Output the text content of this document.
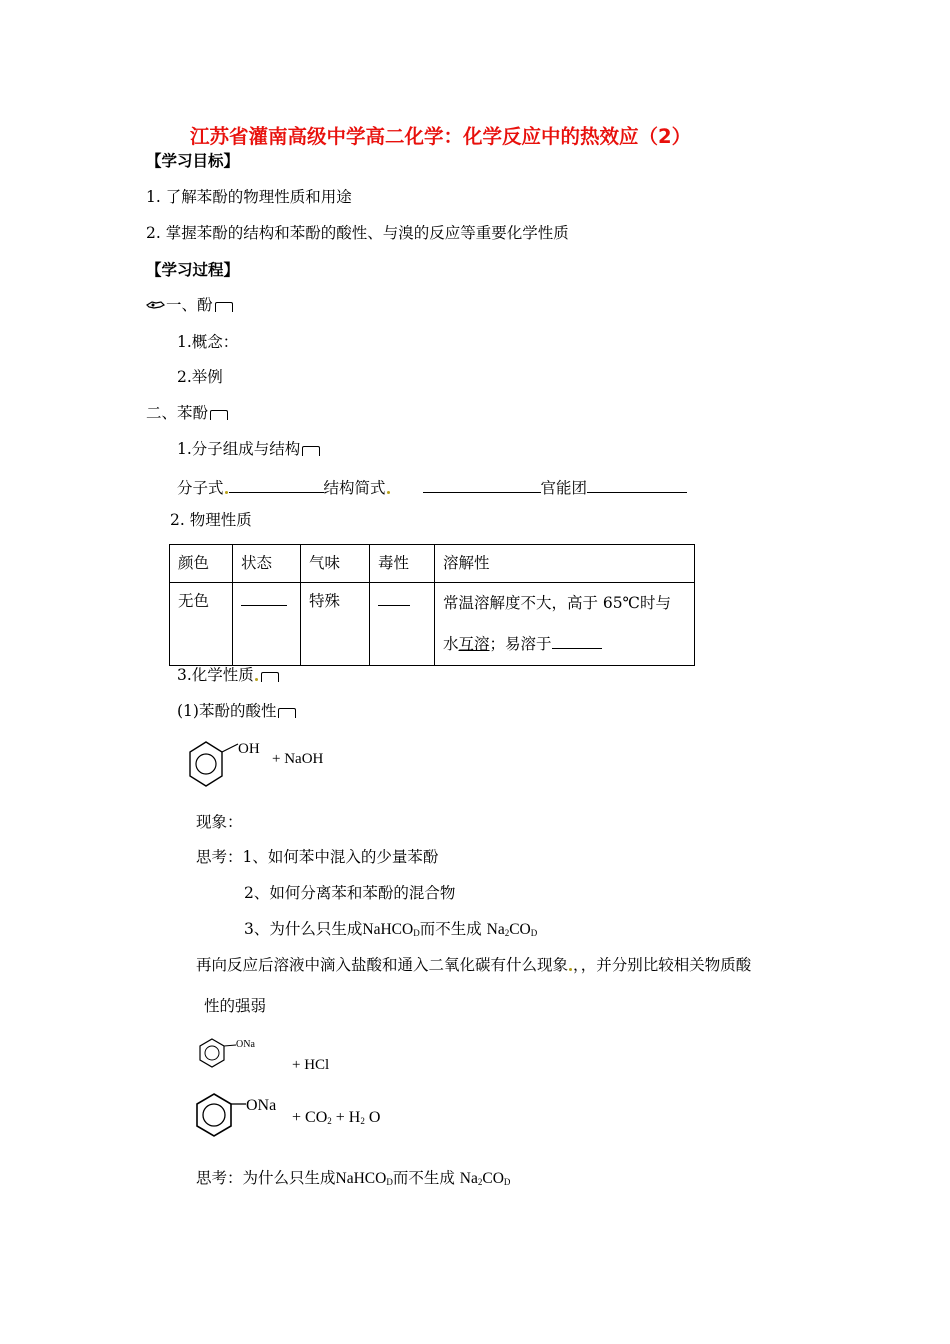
江苏省灌南高级中学高二化学：化学反应中的热效应（2）
【学习目标】
1. 了解苯酚的物理性质和用途
2. 掌握苯酚的结构和苯酚的酸性、与溴的反应等重要化学性质
【学习过程】
一、酚
1.概念：
2.举例
二、苯酚
1.分子组成与结构
分子式	结构简式	官能团
2. 物理性质
颜色	状态	气味	毒性	溶解性
无色		特殊		常温溶解度不大，高于 65℃时与
水互溶；易溶于
3.化学性质
(1)苯酚的酸性
OH
+ NaOH
现象：
思考：1、如何苯中混入的少量苯酚
2、如何分离苯和苯酚的混合物
3、为什么只生成NaHCO$_D$而不生成 $Na_2CO_D$
再向反应后溶液中滴入盐酸和通入二氧化碳有什么现象 ，，并分别比较相关物质酸
性的强弱
ONa
+ HCl
ONa
+ $CO_2 + H_2$ O
思考：为什么只生成NaHCO$_D$而不生成 $Na_2CO_D$
